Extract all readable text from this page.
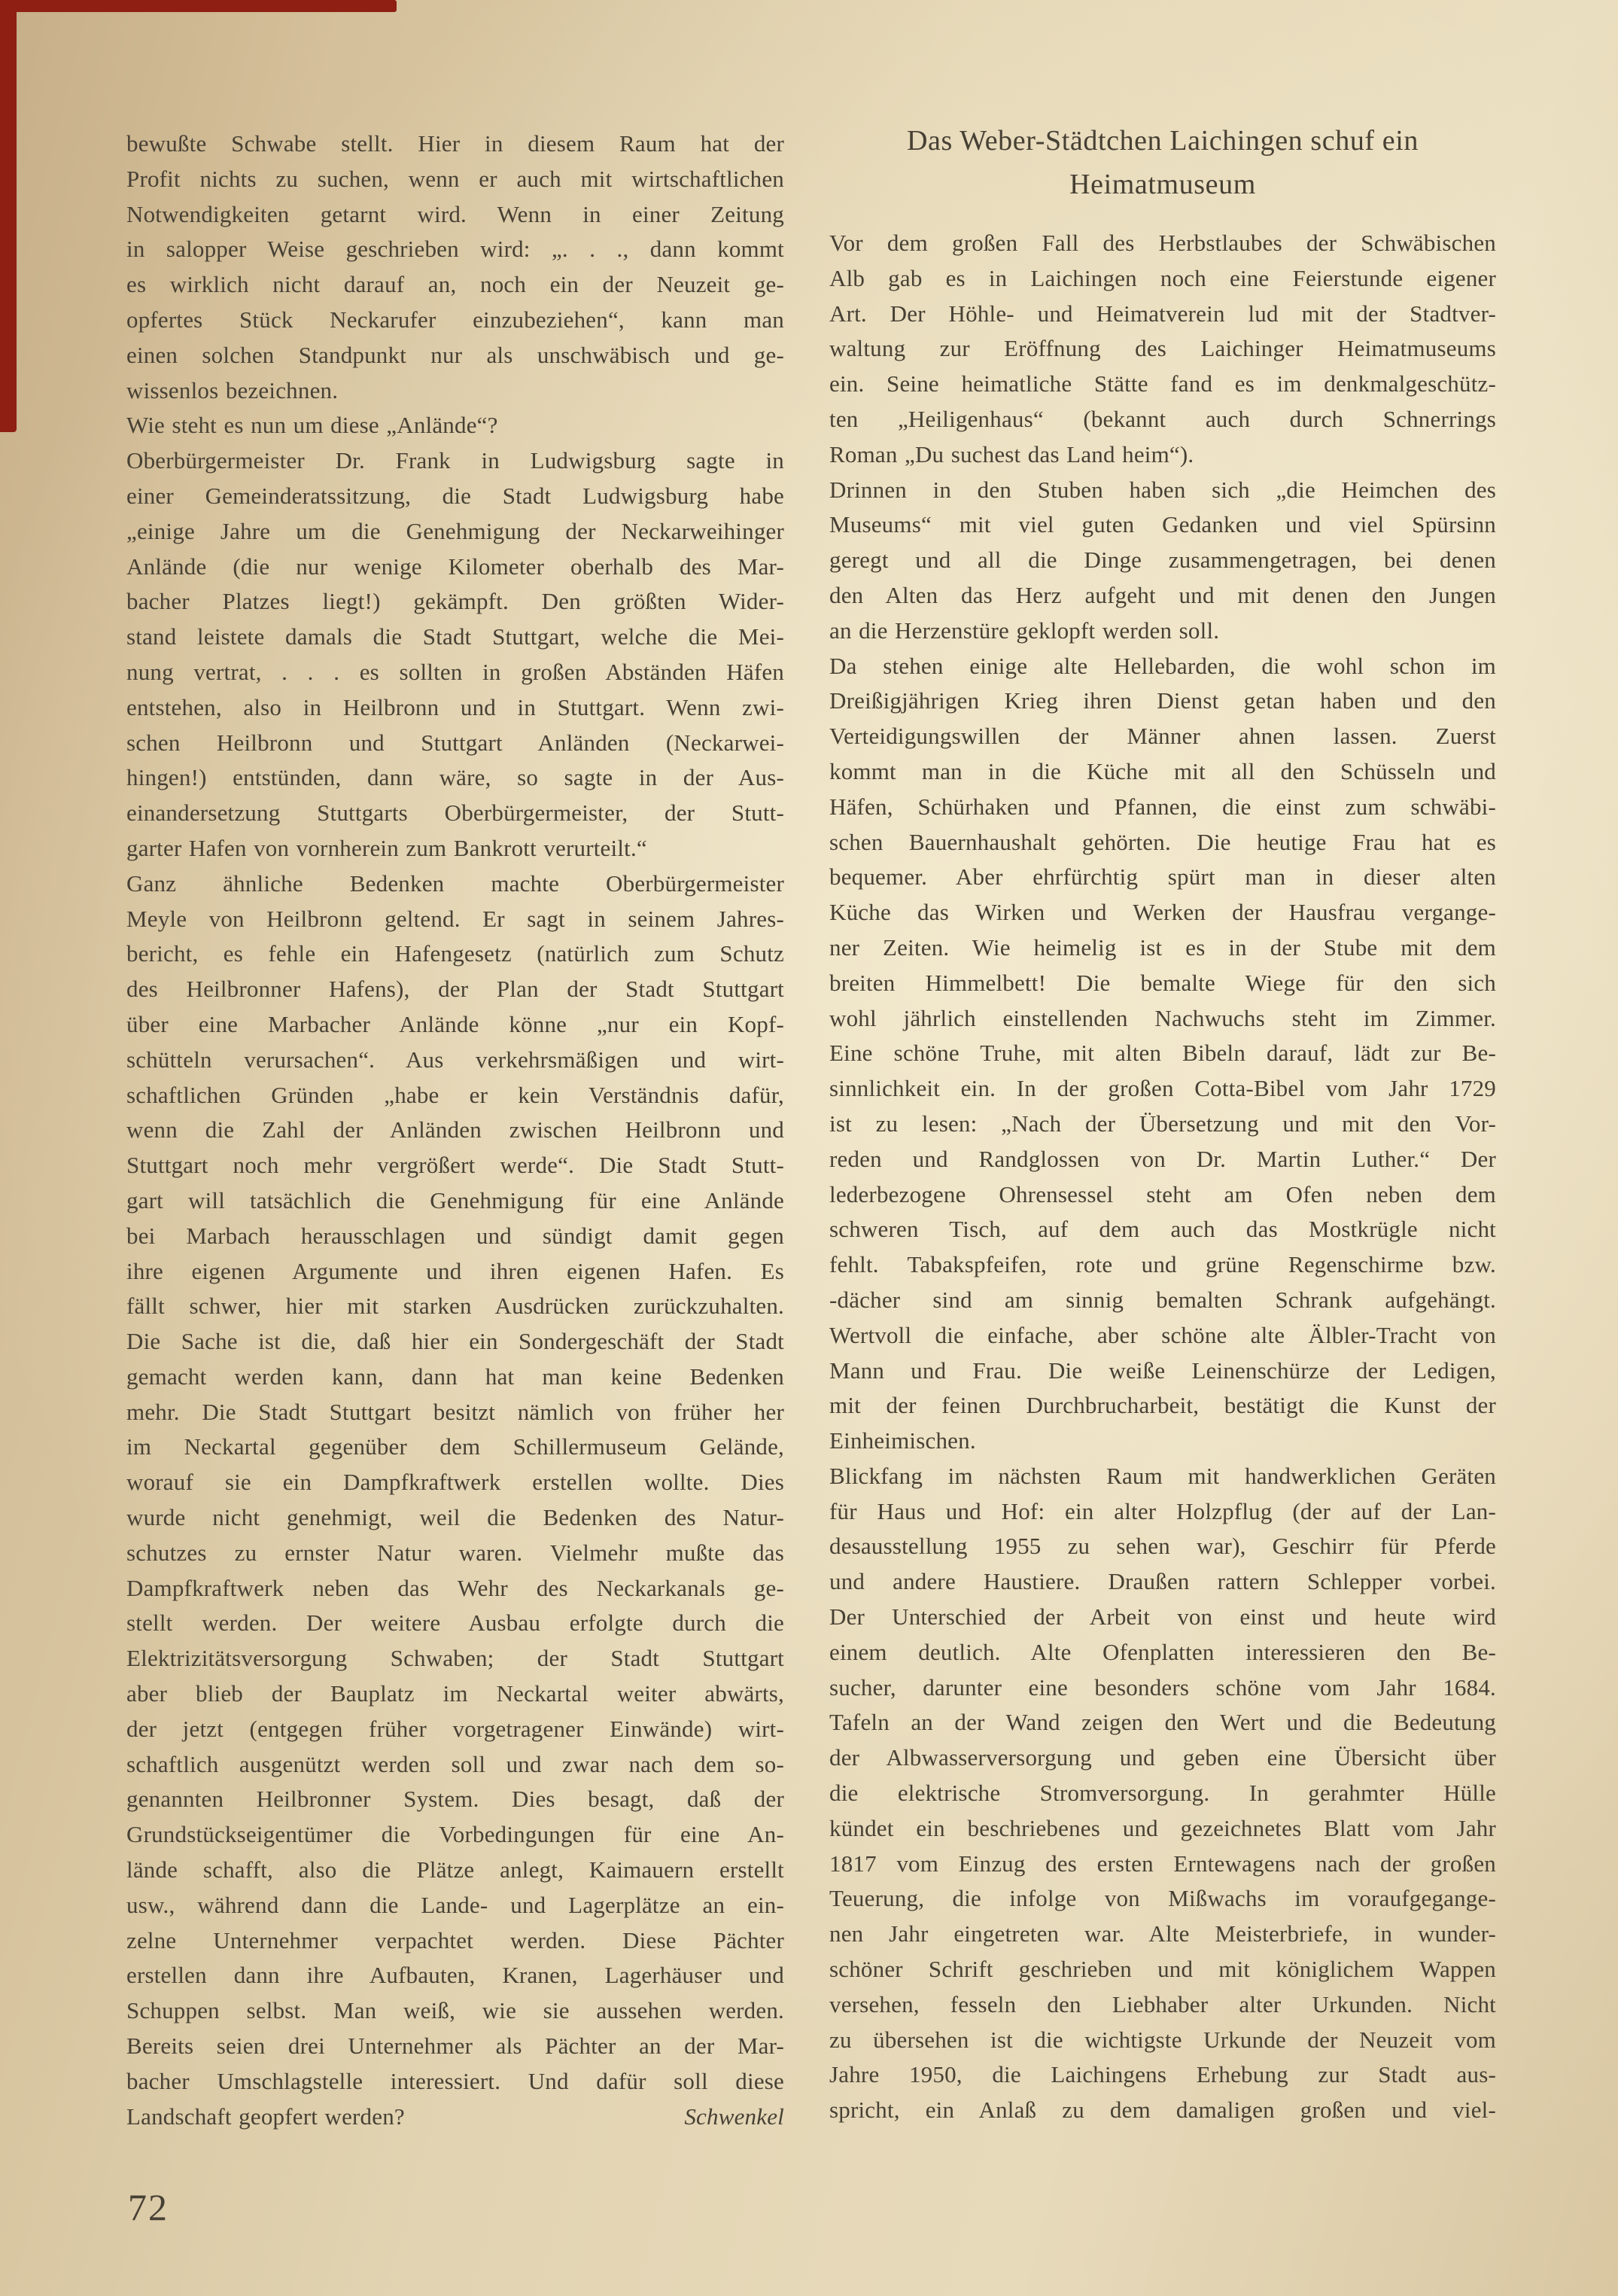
bewußte Schwabe stellt. Hier in diesem Raum hat der
Profit nichts zu suchen, wenn er auch mit wirtschaftlichen
Notwendigkeiten getarnt wird. Wenn in einer Zeitung
in salopper Weise geschrieben wird: „. . ., dann kommt
es wirklich nicht darauf an, noch ein der Neuzeit ge-
opfertes Stück Neckarufer einzubeziehen“, kann man
einen solchen Standpunkt nur als unschwäbisch und ge-
wissenlos bezeichnen.
Wie steht es nun um diese „Anlände“?
Oberbürgermeister Dr. Frank in Ludwigsburg sagte in
einer Gemeinderatssitzung, die Stadt Ludwigsburg habe
„einige Jahre um die Genehmigung der Neckarweihinger
Anlände (die nur wenige Kilometer oberhalb des Mar-
bacher Platzes liegt!) gekämpft. Den größten Wider-
stand leistete damals die Stadt Stuttgart, welche die Mei-
nung vertrat, . . . es sollten in großen Abständen Häfen
entstehen, also in Heilbronn und in Stuttgart. Wenn zwi-
schen Heilbronn und Stuttgart Anländen (Neckarwei-
hingen!) entstünden, dann wäre, so sagte in der Aus-
einandersetzung Stuttgarts Oberbürgermeister, der Stutt-
garter Hafen von vornherein zum Bankrott verurteilt.“
Ganz ähnliche Bedenken machte Oberbürgermeister
Meyle von Heilbronn geltend. Er sagt in seinem Jahres-
bericht, es fehle ein Hafengesetz (natürlich zum Schutz
des Heilbronner Hafens), der Plan der Stadt Stuttgart
über eine Marbacher Anlände könne „nur ein Kopf-
schütteln verursachen“. Aus verkehrsmäßigen und wirt-
schaftlichen Gründen „habe er kein Verständnis dafür,
wenn die Zahl der Anländen zwischen Heilbronn und
Stuttgart noch mehr vergrößert werde“. Die Stadt Stutt-
gart will tatsächlich die Genehmigung für eine Anlände
bei Marbach herausschlagen und sündigt damit gegen
ihre eigenen Argumente und ihren eigenen Hafen. Es
fällt schwer, hier mit starken Ausdrücken zurückzuhalten.
Die Sache ist die, daß hier ein Sondergeschäft der Stadt
gemacht werden kann, dann hat man keine Bedenken
mehr. Die Stadt Stuttgart besitzt nämlich von früher her
im Neckartal gegenüber dem Schillermuseum Gelände,
worauf sie ein Dampfkraftwerk erstellen wollte. Dies
wurde nicht genehmigt, weil die Bedenken des Natur-
schutzes zu ernster Natur waren. Vielmehr mußte das
Dampfkraftwerk neben das Wehr des Neckarkanals ge-
stellt werden. Der weitere Ausbau erfolgte durch die
Elektrizitätsversorgung Schwaben; der Stadt Stuttgart
aber blieb der Bauplatz im Neckartal weiter abwärts,
der jetzt (entgegen früher vorgetragener Einwände) wirt-
schaftlich ausgenützt werden soll und zwar nach dem so-
genannten Heilbronner System. Dies besagt, daß der
Grundstückseigentümer die Vorbedingungen für eine An-
lände schafft, also die Plätze anlegt, Kaimauern erstellt
usw., während dann die Lande- und Lagerplätze an ein-
zelne Unternehmer verpachtet werden. Diese Pächter
erstellen dann ihre Aufbauten, Kranen, Lagerhäuser und
Schuppen selbst. Man weiß, wie sie aussehen werden.
Bereits seien drei Unternehmer als Pächter an der Mar-
bacher Umschlagstelle interessiert. Und dafür soll diese
Landschaft geopfert werden?	Schwenkel
Das Weber-Städtchen Laichingen schuf ein
Heimatmuseum
Vor dem großen Fall des Herbstlaubes der Schwäbischen
Alb gab es in Laichingen noch eine Feierstunde eigener
Art. Der Höhle- und Heimatverein lud mit der Stadtver-
waltung zur Eröffnung des Laichinger Heimatmuseums
ein. Seine heimatliche Stätte fand es im denkmalgeschütz-
ten „Heiligenhaus“ (bekannt auch durch Schnerrings
Roman „Du suchest das Land heim“).
Drinnen in den Stuben haben sich „die Heimchen des
Museums“ mit viel guten Gedanken und viel Spürsinn
geregt und all die Dinge zusammengetragen, bei denen
den Alten das Herz aufgeht und mit denen den Jungen
an die Herzenstüre geklopft werden soll.
Da stehen einige alte Hellebarden, die wohl schon im
Dreißigjährigen Krieg ihren Dienst getan haben und den
Verteidigungswillen der Männer ahnen lassen. Zuerst
kommt man in die Küche mit all den Schüsseln und
Häfen, Schürhaken und Pfannen, die einst zum schwäbi-
schen Bauernhaushalt gehörten. Die heutige Frau hat es
bequemer. Aber ehrfürchtig spürt man in dieser alten
Küche das Wirken und Werken der Hausfrau vergange-
ner Zeiten. Wie heimelig ist es in der Stube mit dem
breiten Himmelbett! Die bemalte Wiege für den sich
wohl jährlich einstellenden Nachwuchs steht im Zimmer.
Eine schöne Truhe, mit alten Bibeln darauf, lädt zur Be-
sinnlichkeit ein. In der großen Cotta-Bibel vom Jahr 1729
ist zu lesen: „Nach der Übersetzung und mit den Vor-
reden und Randglossen von Dr. Martin Luther.“ Der
lederbezogene Ohrensessel steht am Ofen neben dem
schweren Tisch, auf dem auch das Mostkrügle nicht
fehlt. Tabakspfeifen, rote und grüne Regenschirme bzw.
-dächer sind am sinnig bemalten Schrank aufgehängt.
Wertvoll die einfache, aber schöne alte Älbler-Tracht von
Mann und Frau. Die weiße Leinenschürze der Ledigen,
mit der feinen Durchbrucharbeit, bestätigt die Kunst der
Einheimischen.
Blickfang im nächsten Raum mit handwerklichen Geräten
für Haus und Hof: ein alter Holzpflug (der auf der Lan-
desausstellung 1955 zu sehen war), Geschirr für Pferde
und andere Haustiere. Draußen rattern Schlepper vorbei.
Der Unterschied der Arbeit von einst und heute wird
einem deutlich. Alte Ofenplatten interessieren den Be-
sucher, darunter eine besonders schöne vom Jahr 1684.
Tafeln an der Wand zeigen den Wert und die Bedeutung
der Albwasserversorgung und geben eine Übersicht über
die elektrische Stromversorgung. In gerahmter Hülle
kündet ein beschriebenes und gezeichnetes Blatt vom Jahr
1817 vom Einzug des ersten Erntewagens nach der großen
Teuerung, die infolge von Mißwachs im voraufgegange-
nen Jahr eingetreten war. Alte Meisterbriefe, in wunder-
schöner Schrift geschrieben und mit königlichem Wappen
versehen, fesseln den Liebhaber alter Urkunden. Nicht
zu übersehen ist die wichtigste Urkunde der Neuzeit vom
Jahre 1950, die Laichingens Erhebung zur Stadt aus-
spricht, ein Anlaß zu dem damaligen großen und viel-
72
